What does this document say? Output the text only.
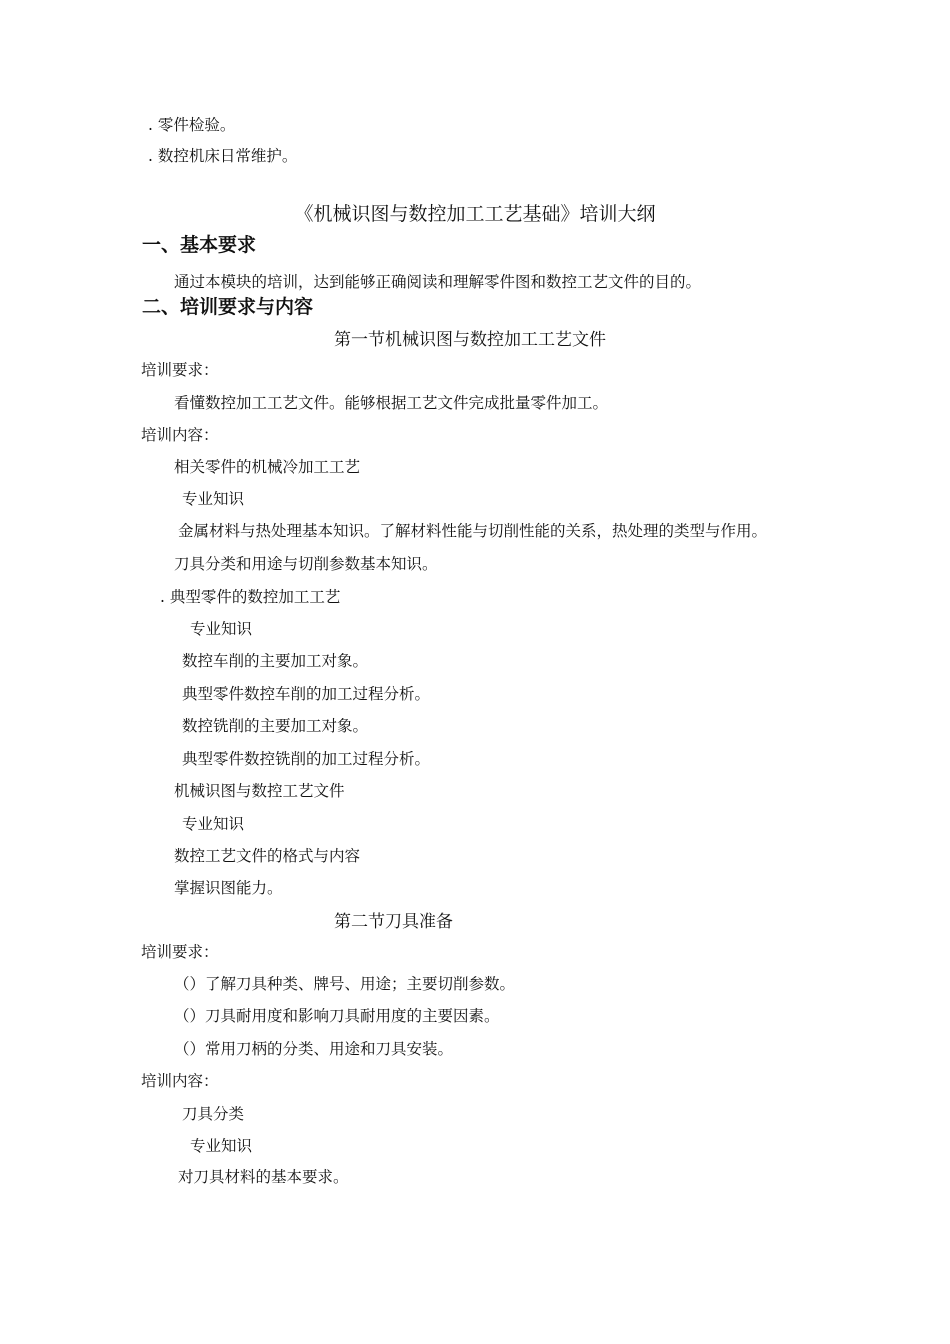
. 零件检验。
. 数控机床日常维护。
《机械识图与数控加工工艺基础》培训大纲
一、基本要求
通过本模块的培训，达到能够正确阅读和理解零件图和数控工艺文件的目的。
二、培训要求与内容
第一节机械识图与数控加工工艺文件
培训要求：
看懂数控加工工艺文件。能够根据工艺文件完成批量零件加工。
培训内容：
相关零件的机械冷加工工艺
专业知识
金属材料与热处理基本知识。了解材料性能与切削性能的关系，热处理的类型与作用。
刀具分类和用途与切削参数基本知识。
. 典型零件的数控加工工艺
专业知识
数控车削的主要加工对象。
典型零件数控车削的加工过程分析。
数控铣削的主要加工对象。
典型零件数控铣削的加工过程分析。
机械识图与数控工艺文件
专业知识
数控工艺文件的格式与内容
掌握识图能力。
第二节刀具准备
培训要求：
（）了解刀具种类、牌号、用途；主要切削参数。
（）刀具耐用度和影响刀具耐用度的主要因素。
（）常用刀柄的分类、用途和刀具安装。
培训内容：
刀具分类
专业知识
对刀具材料的基本要求。
